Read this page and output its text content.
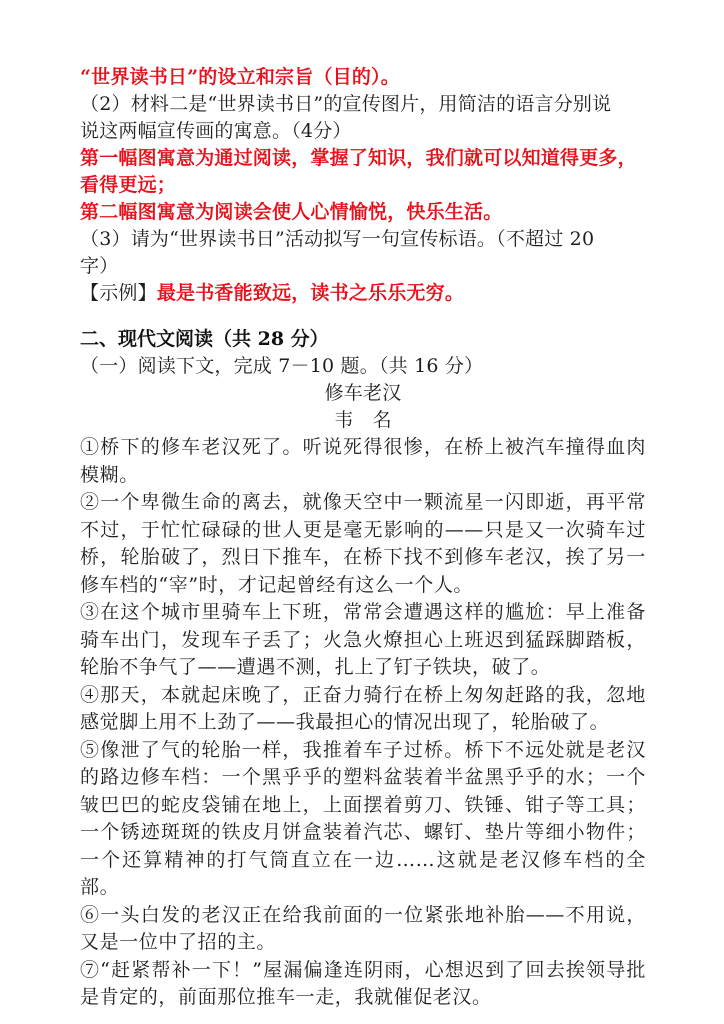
“世界读书日”的设立和宗旨（目的）。
（2）材料二是“世界读书日”的宣传图片，用简洁的语言分别说
说这两幅宣传画的寓意。（4分）
第一幅图寓意为通过阅读，掌握了知识，我们就可以知道得更多，
看得更远；
第二幅图寓意为阅读会使人心情愉悦，快乐生活。
（3）请为“世界读书日”活动拟写一句宣传标语。（不超过 20
字）
【示例】最是书香能致远，读书之乐乐无穷。
二、现代文阅读（共 28 分）
（一）阅读下文，完成 7－10 题。（共 16 分）
修车老汉
韦　名
①桥下的修车老汉死了。听说死得很惨，在桥上被汽车撞得血肉模糊。
②一个卑微生命的离去，就像天空中一颗流星一闪即逝，再平常不过，于忙忙碌碌的世人更是毫无影响的——只是又一次骑车过桥，轮胎破了，烈日下推车，在桥下找不到修车老汉，挨了另一修车档的“宰”时，才记起曾经有这么一个人。
③在这个城市里骑车上下班，常常会遭遇这样的尴尬：早上准备骑车出门，发现车子丢了；火急火燎担心上班迟到猛踩脚踏板，轮胎不争气了——遭遇不测，扎上了钉子铁块，破了。
④那天，本就起床晚了，正奋力骑行在桥上匆匆赶路的我，忽地感觉脚上用不上劲了——我最担心的情况出现了，轮胎破了。
⑤像泄了气的轮胎一样，我推着车子过桥。桥下不远处就是老汉的路边修车档：一个黑乎乎的塑料盆装着半盆黑乎乎的水；一个皱巴巴的蛇皮袋铺在地上，上面摆着剪刀、铁锤、钳子等工具；一个锈迹斑斑的铁皮月饼盒装着汽芯、螺钉、垫片等细小物件；一个还算精神的打气筒直立在一边……这就是老汉修车档的全部。
⑥一头白发的老汉正在给我前面的一位紧张地补胎——不用说，又是一位中了招的主。
⑦“赶紧帮补一下！”屋漏偏逢连阴雨，心想迟到了回去挨领导批是肯定的，前面那位推车一走，我就催促老汉。
